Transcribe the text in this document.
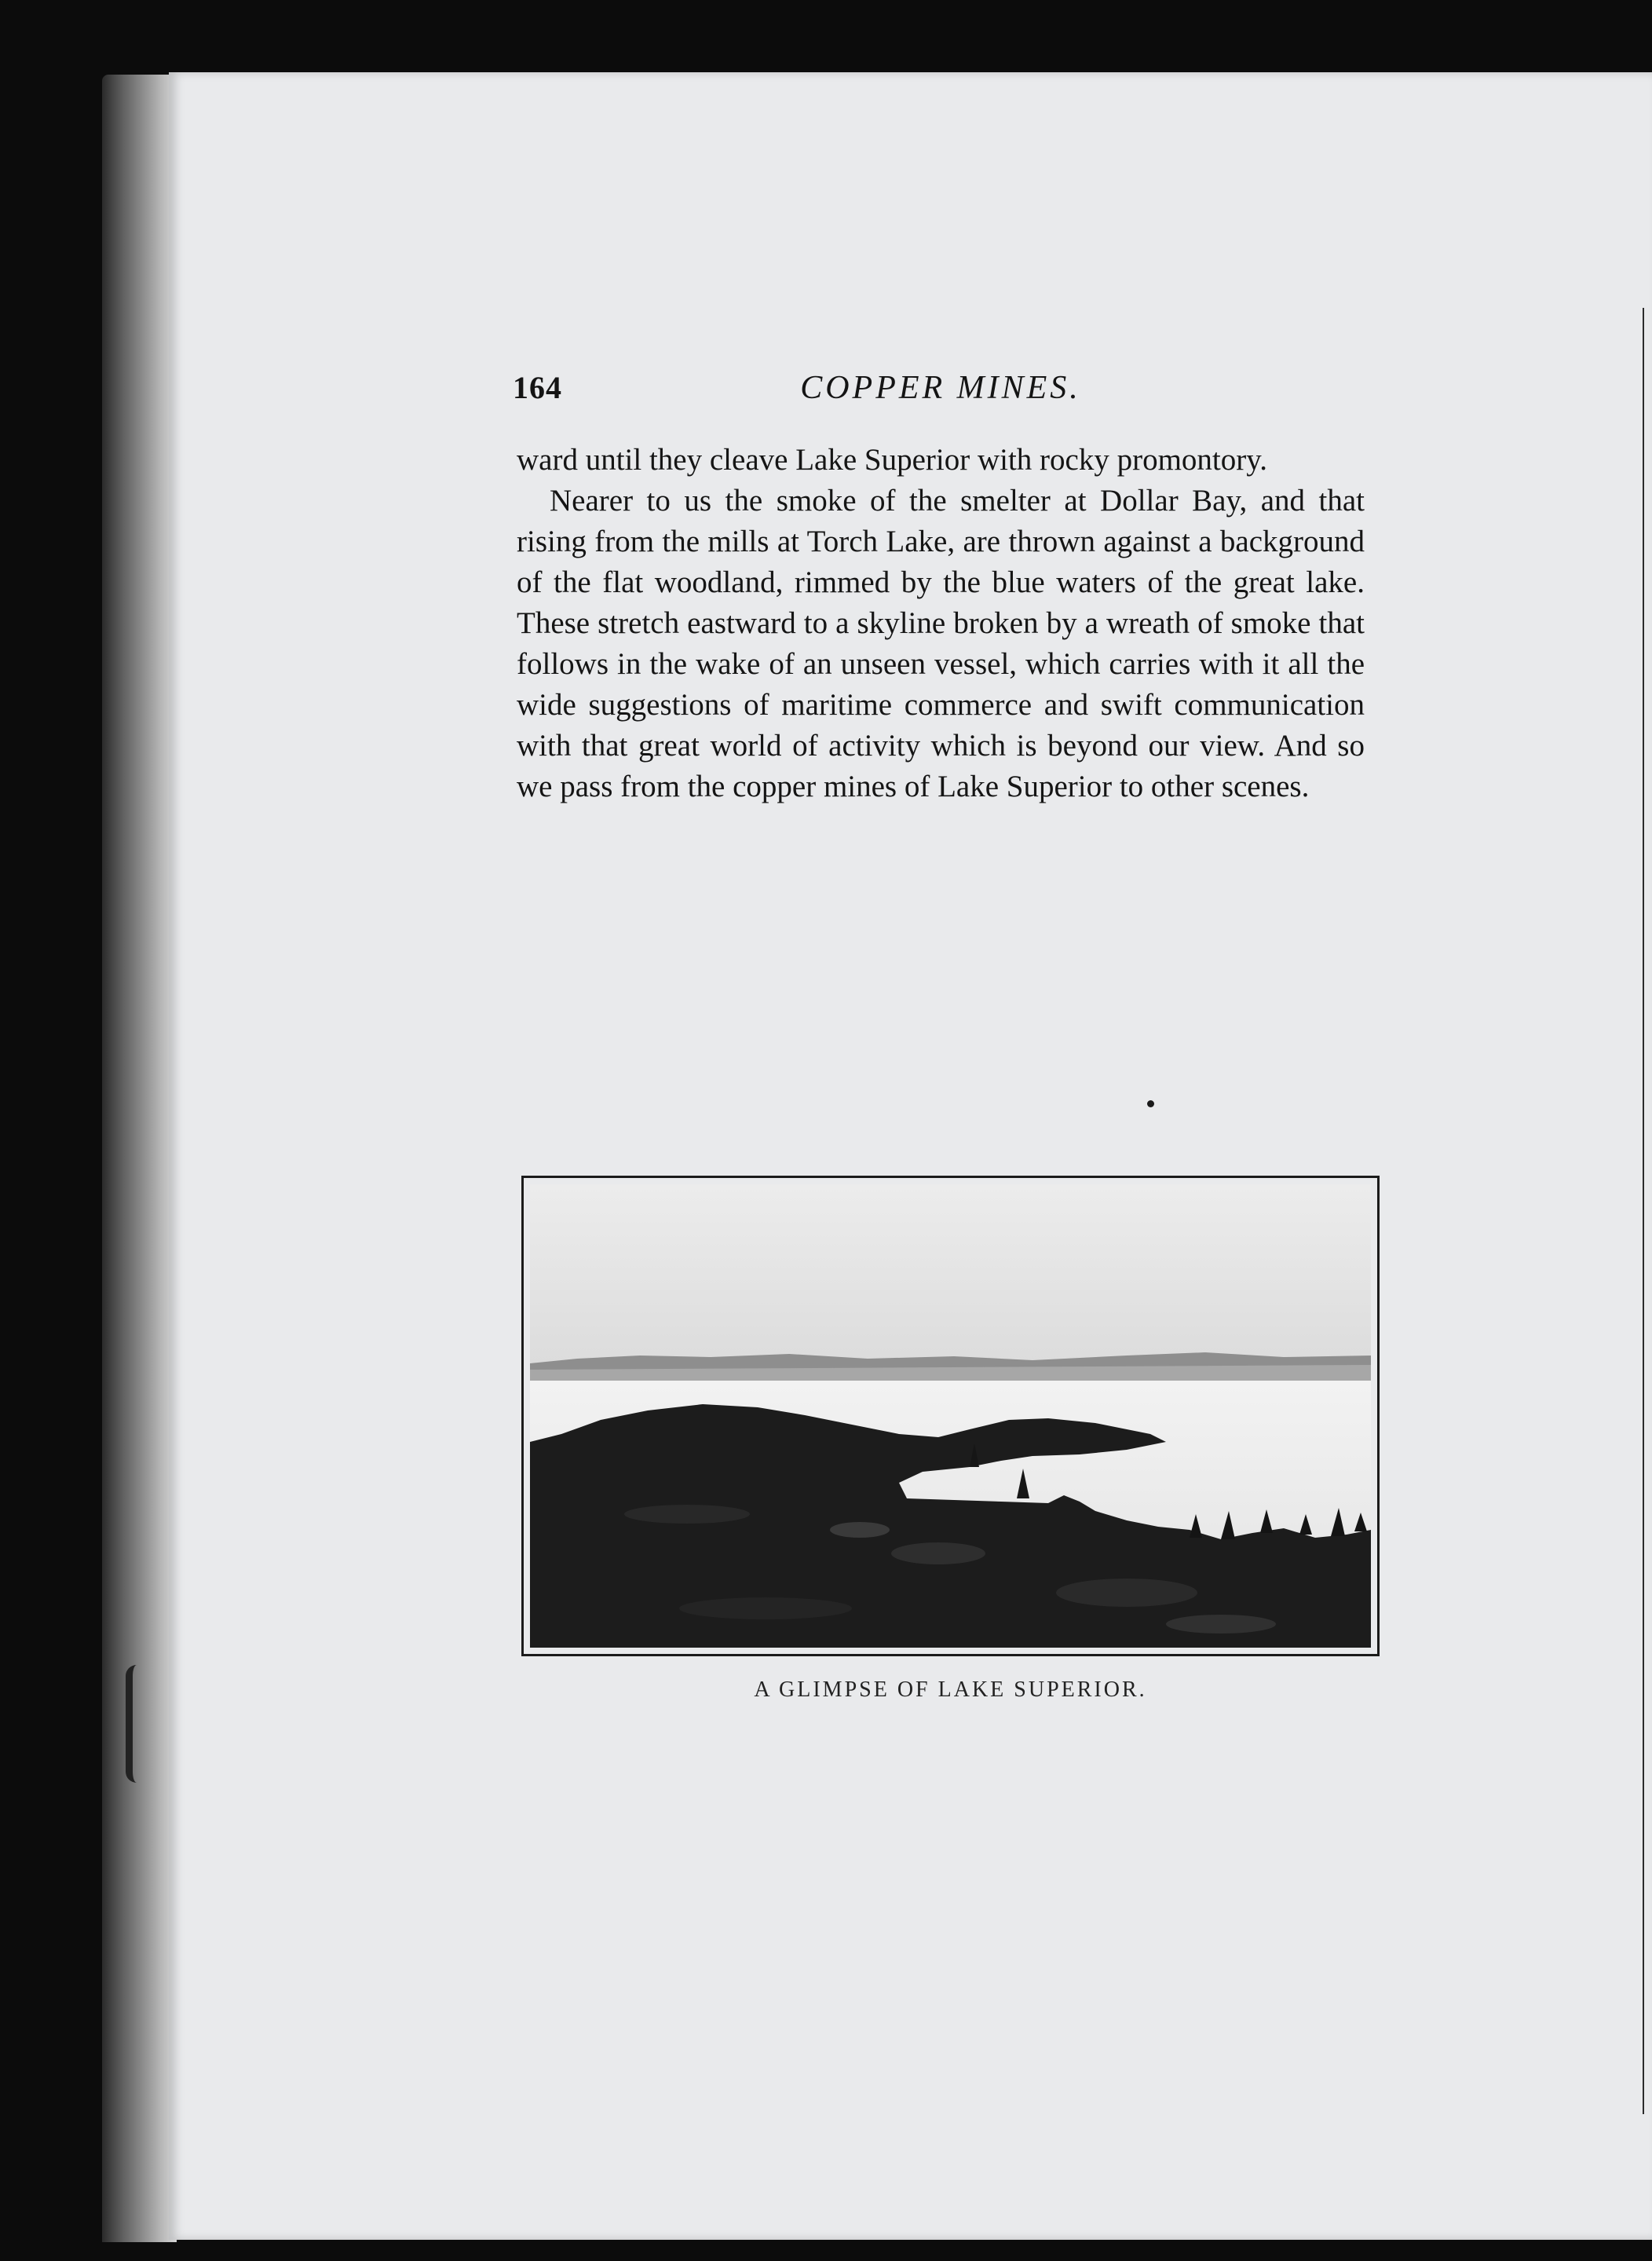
164	COPPER MINES.

ward until they cleave Lake Superior with rocky promontory.

Nearer to us the smoke of the smelter at Dollar Bay, and that rising from the mills at Torch Lake, are thrown against a background of the flat woodland, rimmed by the blue waters of the great lake. These stretch eastward to a skyline broken by a wreath of smoke that follows in the wake of an unseen vessel, which carries with it all the wide suggestions of maritime commerce and swift communication with that great world of activity which is beyond our view. And so we pass from the copper mines of Lake Superior to other scenes.

A GLIMPSE OF LAKE SUPERIOR.
